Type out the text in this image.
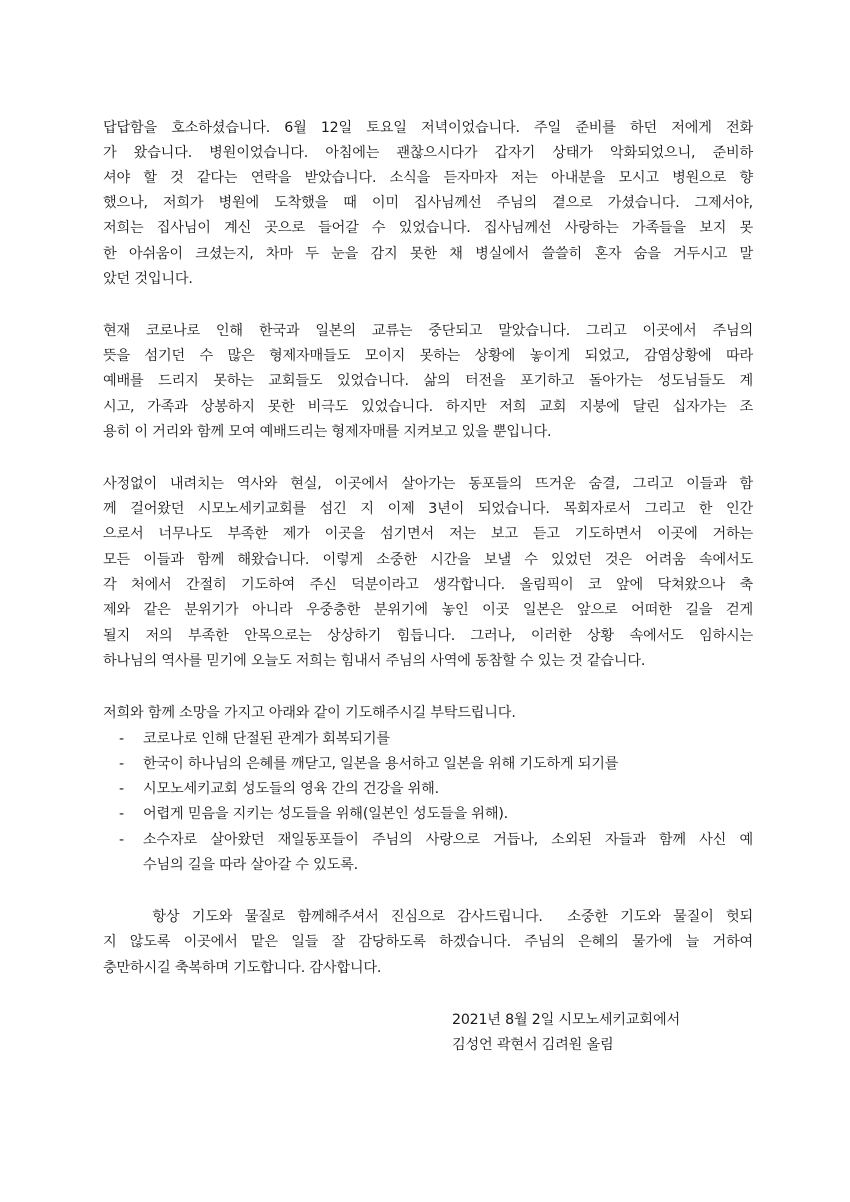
답답함을 호소하셨습니다. 6월 12일 토요일 저녁이었습니다. 주일 준비를 하던 저에게 전화
가 왔습니다. 병원이었습니다. 아침에는 괜찮으시다가 갑자기 상태가 악화되었으니, 준비하
셔야 할 것 같다는 연락을 받았습니다. 소식을 듣자마자 저는 아내분을 모시고 병원으로 향
했으나, 저희가 병원에 도착했을 때 이미 집사님께선 주님의 곁으로 가셨습니다. 그제서야,
저희는 집사님이 계신 곳으로 들어갈 수 있었습니다. 집사님께선 사랑하는 가족들을 보지 못
한 아쉬움이 크셨는지, 차마 두 눈을 감지 못한 채 병실에서 쓸쓸히 혼자 숨을 거두시고 말
았던 것입니다.
현재 코로나로 인해 한국과 일본의 교류는 중단되고 말았습니다. 그리고 이곳에서 주님의
뜻을 섬기던 수 많은 형제자매들도 모이지 못하는 상황에 놓이게 되었고, 감염상황에 따라
예배를 드리지 못하는 교회들도 있었습니다. 삶의 터전을 포기하고 돌아가는 성도님들도 계
시고, 가족과 상봉하지 못한 비극도 있었습니다. 하지만 저희 교회 지붕에 달린 십자가는 조
용히 이 거리와 함께 모여 예배드리는 형제자매를 지켜보고 있을 뿐입니다.
사정없이 내려치는 역사와 현실, 이곳에서 살아가는 동포들의 뜨거운 숨결, 그리고 이들과 함
께 걸어왔던 시모노세키교회를 섬긴 지 이제 3년이 되었습니다. 목회자로서 그리고 한 인간
으로서 너무나도 부족한 제가 이곳을 섬기면서 저는 보고 듣고 기도하면서 이곳에 거하는
모든 이들과 함께 해왔습니다. 이렇게 소중한 시간을 보낼 수 있었던 것은 어려움 속에서도
각 처에서 간절히 기도하여 주신 덕분이라고 생각합니다. 올림픽이 코 앞에 닥쳐왔으나 축
제와 같은 분위기가 아니라 우중충한 분위기에 놓인 이곳 일본은 앞으로 어떠한 길을 걷게
될지 저의 부족한 안목으로는 상상하기 힘듭니다. 그러나, 이러한 상황 속에서도 임하시는
하나님의 역사를 믿기에 오늘도 저희는 힘내서 주님의 사역에 동참할 수 있는 것 같습니다.
저희와 함께 소망을 가지고 아래와 같이 기도해주시길 부탁드립니다.
- 코로나로 인해 단절된 관계가 회복되기를
- 한국이 하나님의 은혜를 깨닫고, 일본을 용서하고 일본을 위해 기도하게 되기를
- 시모노세키교회 성도들의 영육 간의 건강을 위해.
- 어렵게 믿음을 지키는 성도들을 위해(일본인 성도들을 위해).
- 소수자로 살아왔던 재일동포들이 주님의 사랑으로 거듭나, 소외된 자들과 함께 사신 예
수님의 길을 따라 살아갈 수 있도록.
항상 기도와 물질로 함께해주셔서 진심으로 감사드립니다.  소중한 기도와 물질이 헛되
지 않도록 이곳에서 맡은 일들 잘 감당하도록 하겠습니다. 주님의 은혜의 물가에 늘 거하여
충만하시길 축복하며 기도합니다. 감사합니다.
2021년 8월 2일 시모노세키교회에서
김성언 곽현서 김려원 올림
